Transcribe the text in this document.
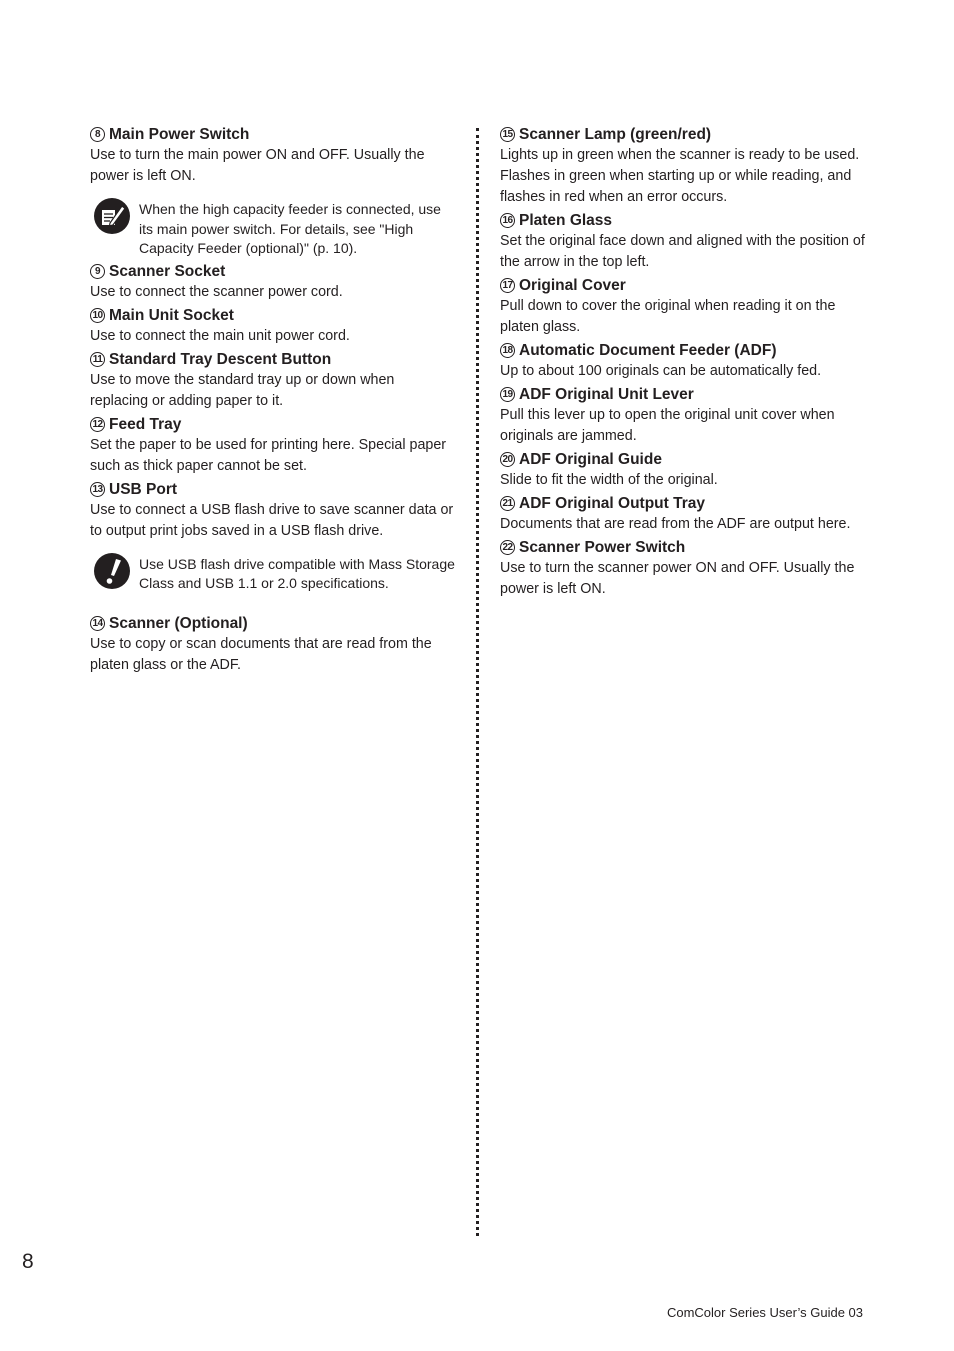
8 Main Power Switch
Use to turn the main power ON and OFF. Usually the power is left ON.
When the high capacity feeder is connected, use its main power switch. For details, see "High Capacity Feeder (optional)" (p. 10).
9 Scanner Socket
Use to connect the scanner power cord.
10 Main Unit Socket
Use to connect the main unit power cord.
11 Standard Tray Descent Button
Use to move the standard tray up or down when replacing or adding paper to it.
12 Feed Tray
Set the paper to be used for printing here. Special paper such as thick paper cannot be set.
13 USB Port
Use to connect a USB flash drive to save scanner data or to output print jobs saved in a USB flash drive.
Use USB flash drive compatible with Mass Storage Class and USB 1.1 or 2.0 specifications.
14 Scanner (Optional)
Use to copy or scan documents that are read from the platen glass or the ADF.
15 Scanner Lamp (green/red)
Lights up in green when the scanner is ready to be used. Flashes in green when starting up or while reading, and flashes in red when an error occurs.
16 Platen Glass
Set the original face down and aligned with the position of the arrow in the top left.
17 Original Cover
Pull down to cover the original when reading it on the platen glass.
18 Automatic Document Feeder (ADF)
Up to about 100 originals can be automatically fed.
19 ADF Original Unit Lever
Pull this lever up to open the original unit cover when originals are jammed.
20 ADF Original Guide
Slide to fit the width of the original.
21 ADF Original Output Tray
Documents that are read from the ADF are output here.
22 Scanner Power Switch
Use to turn the scanner power ON and OFF. Usually the power is left ON.
8
ComColor Series User’s Guide 03
